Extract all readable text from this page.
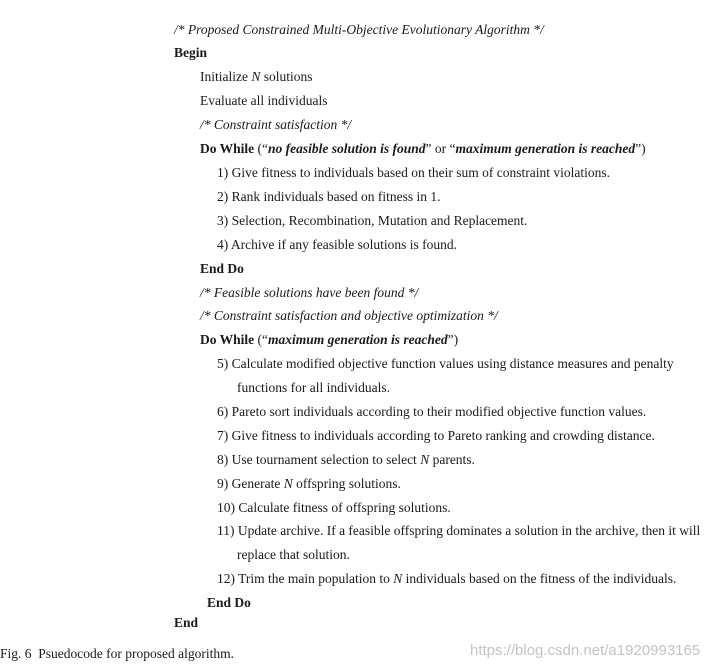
/* Proposed Constrained Multi-Objective Evolutionary Algorithm */
Begin
Initialize N solutions
Evaluate all individuals
/* Constraint satisfaction */
Do While (“no feasible solution is found” or “maximum generation is reached”)
1) Give fitness to individuals based on their sum of constraint violations.
2) Rank individuals based on fitness in 1.
3) Selection, Recombination, Mutation and Replacement.
4) Archive if any feasible solutions is found.
End Do
/* Feasible solutions have been found */
/* Constraint satisfaction and objective optimization */
Do While (“maximum generation is reached”)
5) Calculate modified objective function values using distance measures and penalty
functions for all individuals.
6) Pareto sort individuals according to their modified objective function values.
7) Give fitness to individuals according to Pareto ranking and crowding distance.
8) Use tournament selection to select N parents.
9) Generate N offspring solutions.
10) Calculate fitness of offspring solutions.
11) Update archive. If a feasible offspring dominates a solution in the archive, then it will
replace that solution.
12) Trim the main population to N individuals based on the fitness of the individuals.
End Do
End
Fig. 6  Psuedocode for proposed algorithm.	https://blog.csdn.net/a1920993165
